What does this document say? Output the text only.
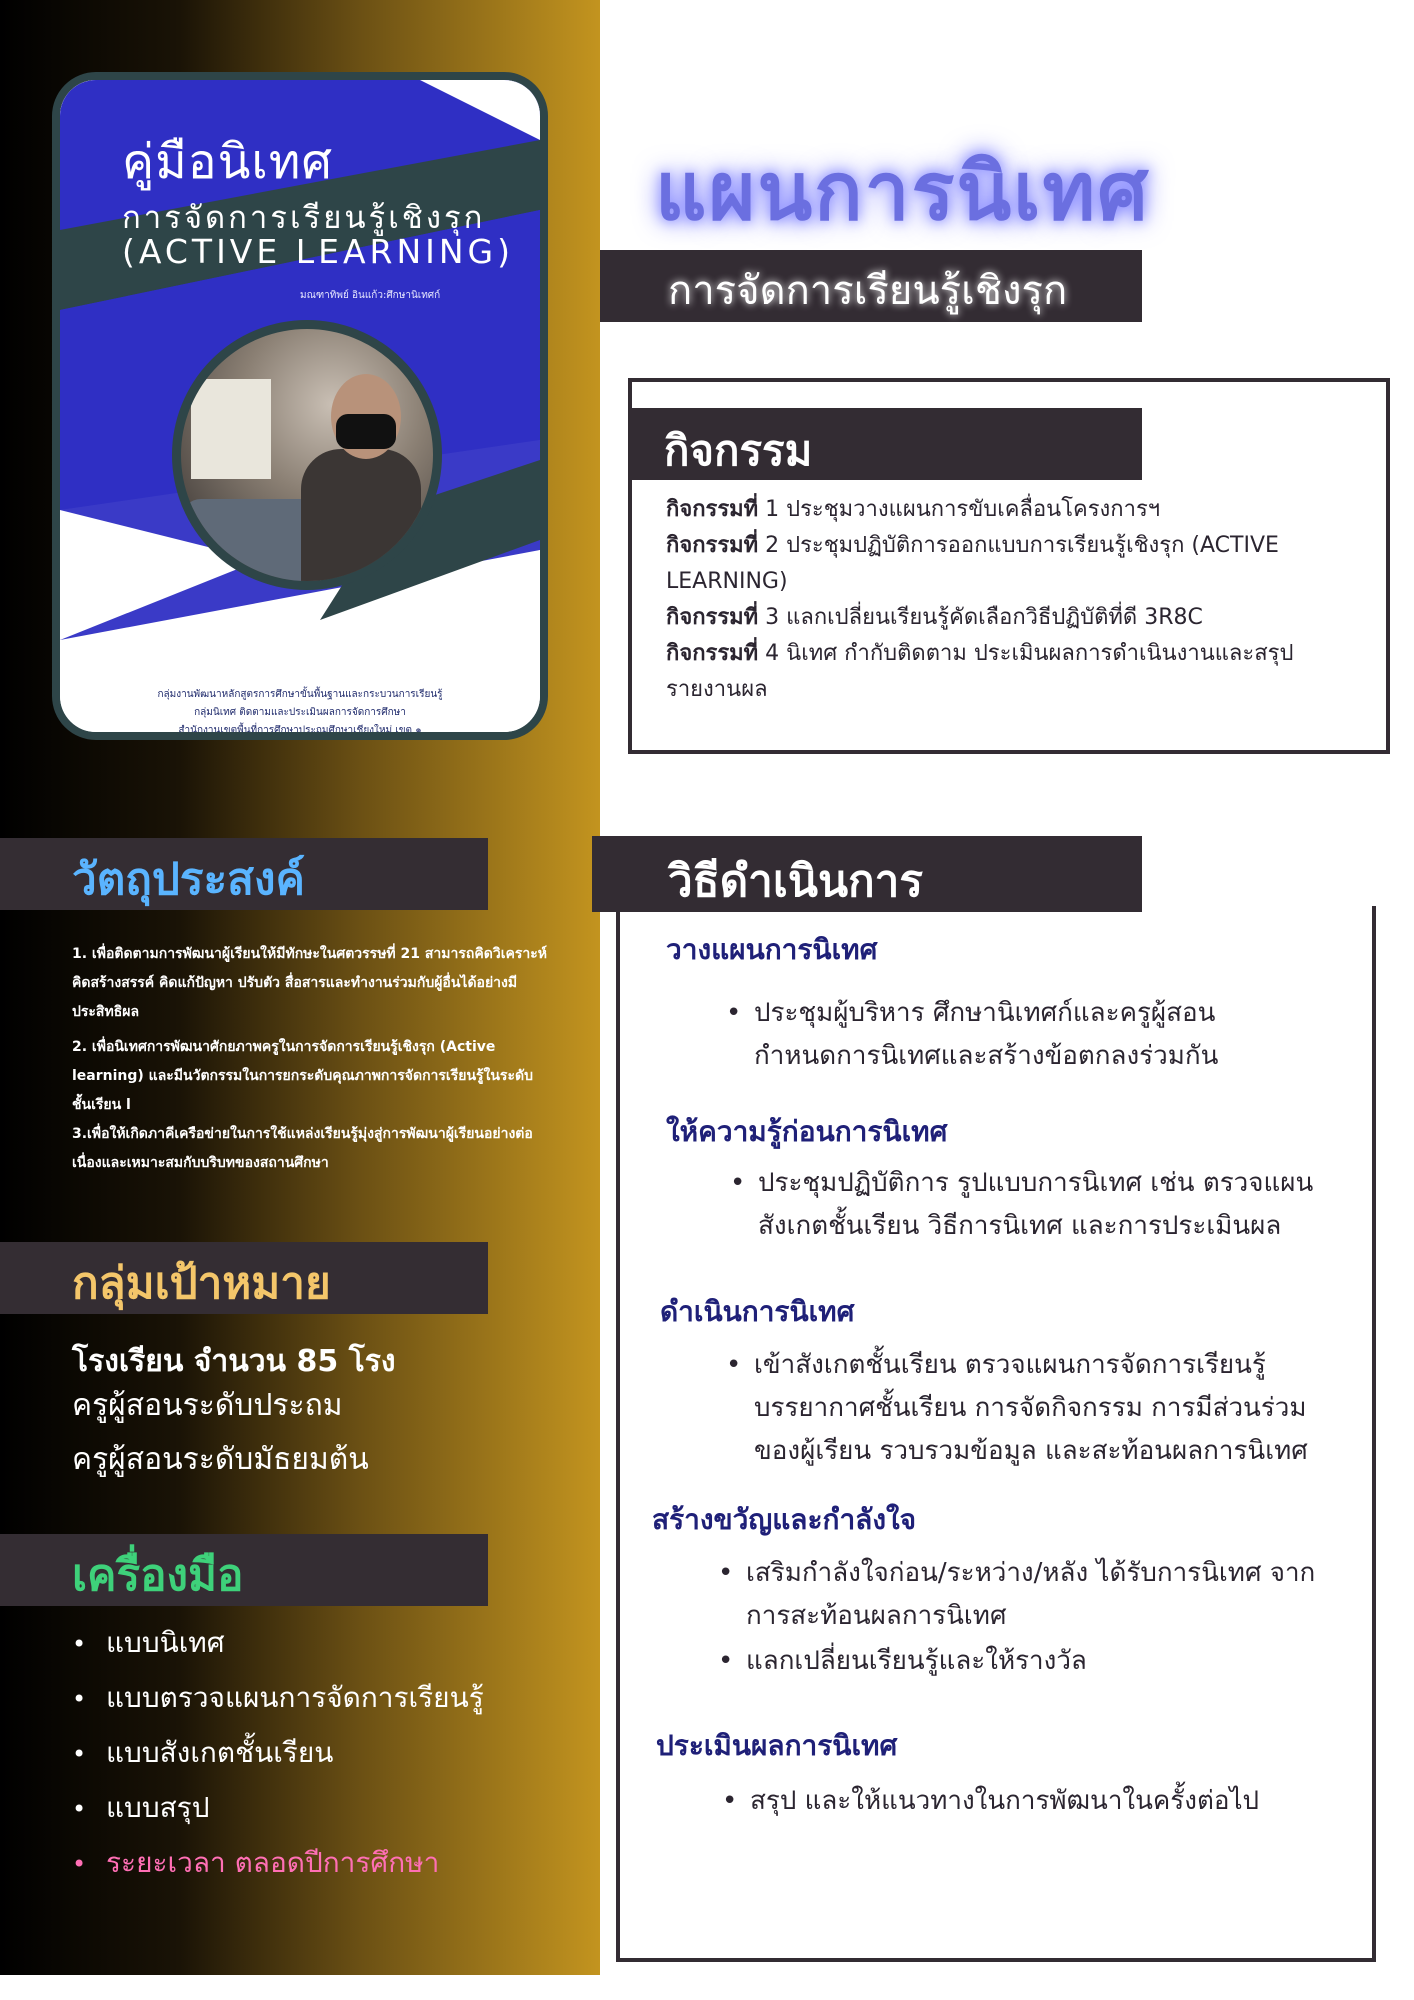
คู่มือนิเทศ
การจัดการเรียนรู้เชิงรุก
(ACTIVE LEARNING)
มณฑาทิพย์ อินแก้ว:ศึกษานิเทศก์
กลุ่มงานพัฒนาหลักสูตรการศึกษาขั้นพื้นฐานและกระบวนการเรียนรู้
กลุ่มนิเทศ ติดตามและประเมินผลการจัดการศึกษา
สำนักงานเขตพื้นที่การศึกษาประถมศึกษาเชียงใหม่ เขต ๑
แผนการนิเทศ
การจัดการเรียนรู้เชิงรุก
กิจกรรม
กิจกรรมที่ 1 ประชุมวางแผนการขับเคลื่อนโครงการฯ
กิจกรรมที่ 2 ประชุมปฏิบัติการออกแบบการเรียนรู้เชิงรุก (ACTIVE LEARNING)
กิจกรรมที่ 3 แลกเปลี่ยนเรียนรู้คัดเลือกวิธีปฏิบัติที่ดี 3R8C
กิจกรรมที่ 4 นิเทศ กำกับติดตาม ประเมินผลการดำเนินงานและสรุปรายงานผล
วัตถุประสงค์

1. เพื่อติดตามการพัฒนาผู้เรียนให้มีทักษะในศตวรรษที่ 21 สามารถคิดวิเคราะห์ คิดสร้างสรรค์ คิดแก้ปัญหา ปรับตัว สื่อสารและทำงานร่วมกับผู้อื่นได้อย่างมีประสิทธิผล

2. เพื่อนิเทศการพัฒนาศักยภาพครูในการจัดการเรียนรู้เชิงรุก (Active learning) และมีนวัตกรรมในการยกระดับคุณภาพการจัดการเรียนรู้ในระดับชั้นเรียน l

3.เพื่อให้เกิดภาคีเครือข่ายในการใช้แหล่งเรียนรู้มุ่งสู่การพัฒนาผู้เรียนอย่างต่อเนื่องและเหมาะสมกับบริบทของสถานศึกษา

กลุ่มเป้าหมาย
โรงเรียน จำนวน 85 โรง
ครูผู้สอนระดับประถม
ครูผู้สอนระดับมัธยมต้น
เครื่องมือ
• แบบนิเทศ
• แบบตรวจแผนการจัดการเรียนรู้
• แบบสังเกตชั้นเรียน
• แบบสรุป
• ระยะเวลา ตลอดปีการศึกษา
วิธีดำเนินการ
วางแผนการนิเทศ
• ประชุมผู้บริหาร ศึกษานิเทศก์และครูผู้สอนกำหนดการนิเทศและสร้างข้อตกลงร่วมกัน
ให้ความรู้ก่อนการนิเทศ
• ประชุมปฏิบัติการ รูปแบบการนิเทศ เช่น ตรวจแผน สังเกตชั้นเรียน วิธีการนิเทศ และการประเมินผล
ดำเนินการนิเทศ
• เข้าสังเกตชั้นเรียน ตรวจแผนการจัดการเรียนรู้ บรรยากาศชั้นเรียน การจัดกิจกรรม การมีส่วนร่วมของผู้เรียน รวบรวมข้อมูล และสะท้อนผลการนิเทศ
สร้างขวัญและกำลังใจ
• เสริมกำลังใจก่อน/ระหว่าง/หลัง ได้รับการนิเทศ จากการสะท้อนผลการนิเทศ
• แลกเปลี่ยนเรียนรู้และให้รางวัล
ประเมินผลการนิเทศ
• สรุป และให้แนวทางในการพัฒนาในครั้งต่อไป
